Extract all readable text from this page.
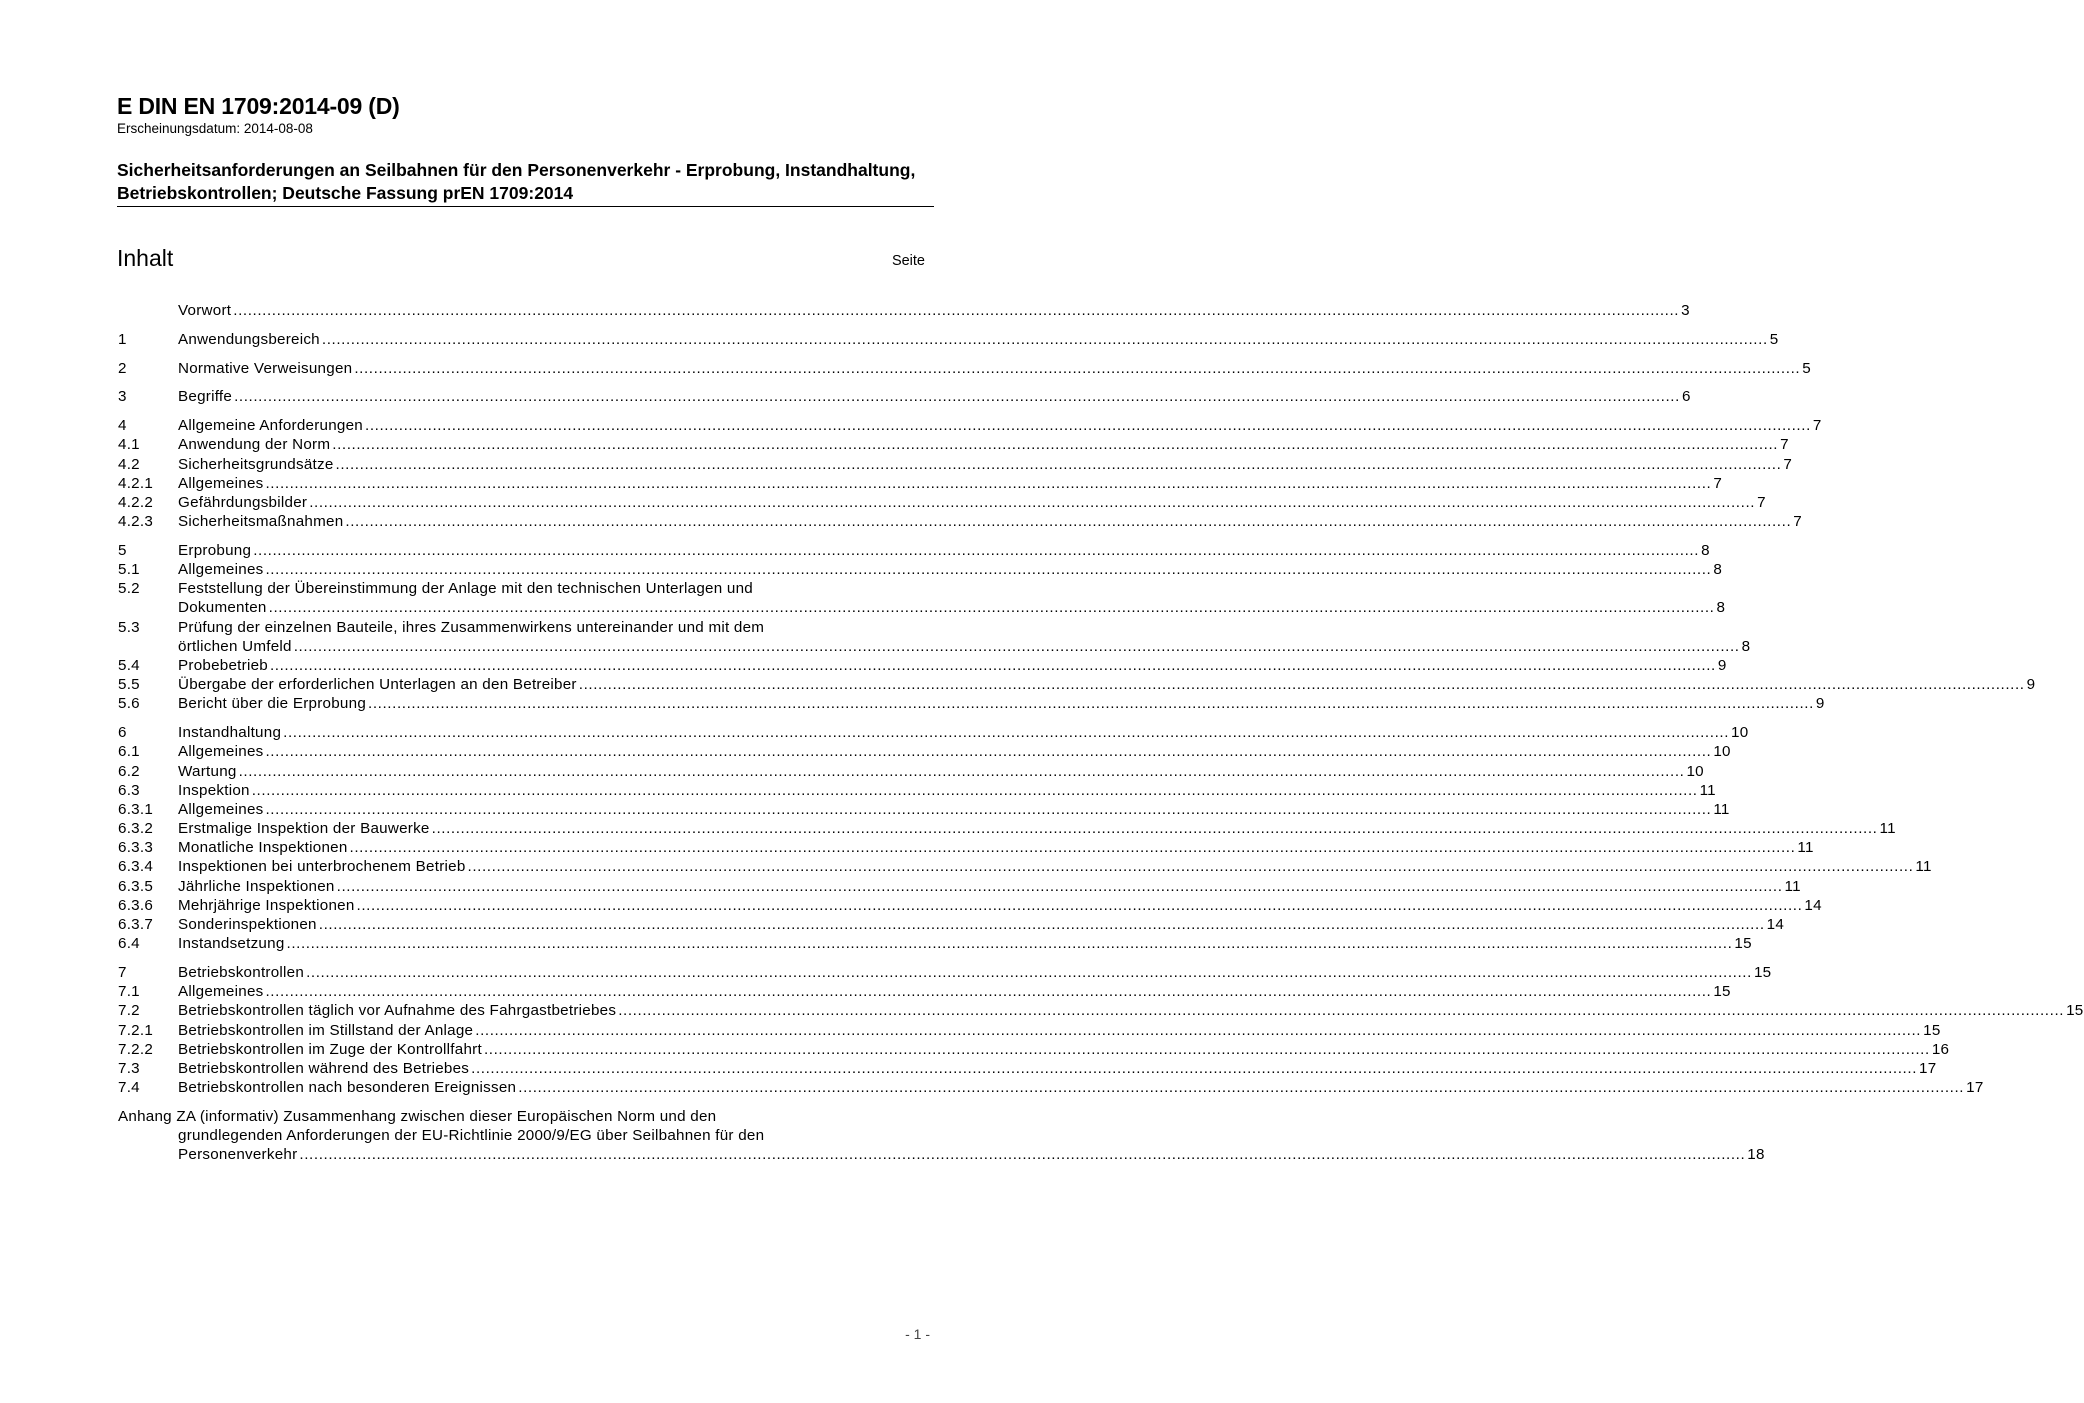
E DIN EN 1709:2014-09 (D)
Erscheinungsdatum: 2014-08-08
Sicherheitsanforderungen an Seilbahnen für den Personenverkehr - Erprobung, Instandhaltung, Betriebskontrollen; Deutsche Fassung prEN 1709:2014
Inhalt	Seite
Vorwort ............................................................................................................................................................................................................................................................................................................ 3
1	Anwendungsbereich ............................................................................................................................................................................................................................................................................................................ 5
2	Normative Verweisungen ............................................................................................................................................................................................................................................................................................................ 5
3	Begriffe ............................................................................................................................................................................................................................................................................................................ 6
4	Allgemeine Anforderungen ............................................................................................................................................................................................................................................................................................................ 7
4.1	Anwendung der Norm ............................................................................................................................................................................................................................................................................................................ 7
4.2	Sicherheitsgrundsätze ............................................................................................................................................................................................................................................................................................................ 7
4.2.1	Allgemeines ............................................................................................................................................................................................................................................................................................................ 7
4.2.2	Gefährdungsbilder ............................................................................................................................................................................................................................................................................................................ 7
4.2.3	Sicherheitsmaßnahmen ............................................................................................................................................................................................................................................................................................................ 7
5	Erprobung ............................................................................................................................................................................................................................................................................................................ 8
5.1	Allgemeines ............................................................................................................................................................................................................................................................................................................ 8
5.2	Feststellung der Übereinstimmung der Anlage mit den technischen Unterlagen und
Dokumenten ............................................................................................................................................................................................................................................................................................................ 8
5.3	Prüfung der einzelnen Bauteile, ihres Zusammenwirkens untereinander und mit dem
örtlichen Umfeld ............................................................................................................................................................................................................................................................................................................ 8
5.4	Probebetrieb ............................................................................................................................................................................................................................................................................................................ 9
5.5	Übergabe der erforderlichen Unterlagen an den Betreiber ............................................................................................................................................................................................................................................................................................................ 9
5.6	Bericht über die Erprobung ............................................................................................................................................................................................................................................................................................................ 9
6	Instandhaltung ............................................................................................................................................................................................................................................................................................................ 10
6.1	Allgemeines ............................................................................................................................................................................................................................................................................................................ 10
6.2	Wartung ............................................................................................................................................................................................................................................................................................................ 10
6.3	Inspektion ............................................................................................................................................................................................................................................................................................................ 11
6.3.1	Allgemeines ............................................................................................................................................................................................................................................................................................................ 11
6.3.2	Erstmalige Inspektion der Bauwerke ............................................................................................................................................................................................................................................................................................................ 11
6.3.3	Monatliche Inspektionen ............................................................................................................................................................................................................................................................................................................ 11
6.3.4	Inspektionen bei unterbrochenem Betrieb ............................................................................................................................................................................................................................................................................................................ 11
6.3.5	Jährliche Inspektionen ............................................................................................................................................................................................................................................................................................................ 11
6.3.6	Mehrjährige Inspektionen ............................................................................................................................................................................................................................................................................................................ 14
6.3.7	Sonderinspektionen ............................................................................................................................................................................................................................................................................................................ 14
6.4	Instandsetzung ............................................................................................................................................................................................................................................................................................................ 15
7	Betriebskontrollen ............................................................................................................................................................................................................................................................................................................ 15
7.1	Allgemeines ............................................................................................................................................................................................................................................................................................................ 15
7.2	Betriebskontrollen täglich vor Aufnahme des Fahrgastbetriebes ............................................................................................................................................................................................................................................................................................................ 15
7.2.1	Betriebskontrollen im Stillstand der Anlage ............................................................................................................................................................................................................................................................................................................ 15
7.2.2	Betriebskontrollen im Zuge der Kontrollfahrt ............................................................................................................................................................................................................................................................................................................ 16
7.3	Betriebskontrollen während des Betriebes ............................................................................................................................................................................................................................................................................................................ 17
7.4	Betriebskontrollen nach besonderen Ereignissen ............................................................................................................................................................................................................................................................................................................ 17
Anhang ZA (informativ) Zusammenhang zwischen dieser Europäischen Norm und den
grundlegenden Anforderungen der EU-Richtlinie 2000/9/EG über Seilbahnen für den
Personenverkehr ............................................................................................................................................................................................................................................................................................................ 18
- 1 -
